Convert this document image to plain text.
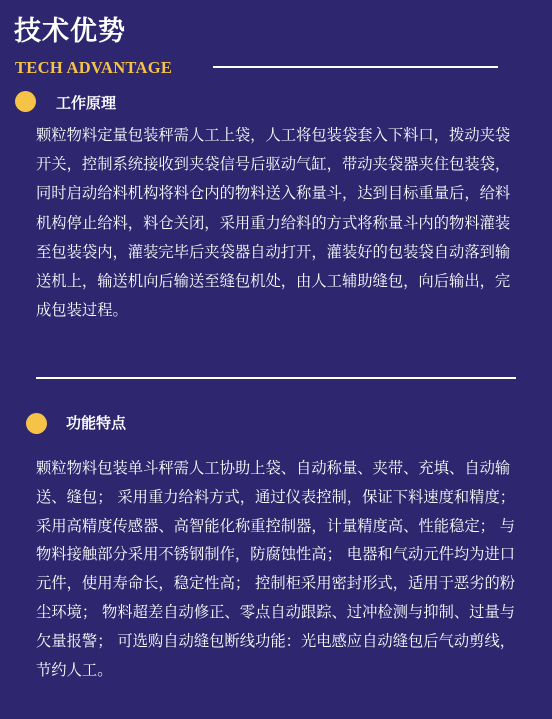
技术优势
TECH ADVANTAGE
工作原理

颗粒物料定量包装秤需人工上袋，人工将包装袋套入下料口，拨动夹袋开关，控制系统接收到夹袋信号后驱动气缸，带动夹袋器夹住包装袋，同时启动给料机构将料仓内的物料送入称量斗，达到目标重量后，给料机构停止给料，料仓关闭，采用重力给料的方式将称量斗内的物料灌装至包装袋内，灌装完毕后夹袋器自动打开，灌装好的包装袋自动落到输送机上，输送机向后输送至缝包机处，由人工辅助缝包，向后输出，完成包装过程。

功能特点

颗粒物料包装单斗秤需人工协助上袋、自动称量、夹带、充填、自动输送、缝包； 采用重力给料方式，通过仪表控制，保证下料速度和精度； 采用高精度传感器、高智能化称重控制器，计量精度高、性能稳定； 与物料接触部分采用不锈钢制作，防腐蚀性高； 电器和气动元件均为进口元件，使用寿命长，稳定性高； 控制柜采用密封形式，适用于恶劣的粉尘环境； 物料超差自动修正、零点自动跟踪、过冲检测与抑制、过量与欠量报警； 可选购自动缝包断线功能：光电感应自动缝包后气动剪线，节约人工。
